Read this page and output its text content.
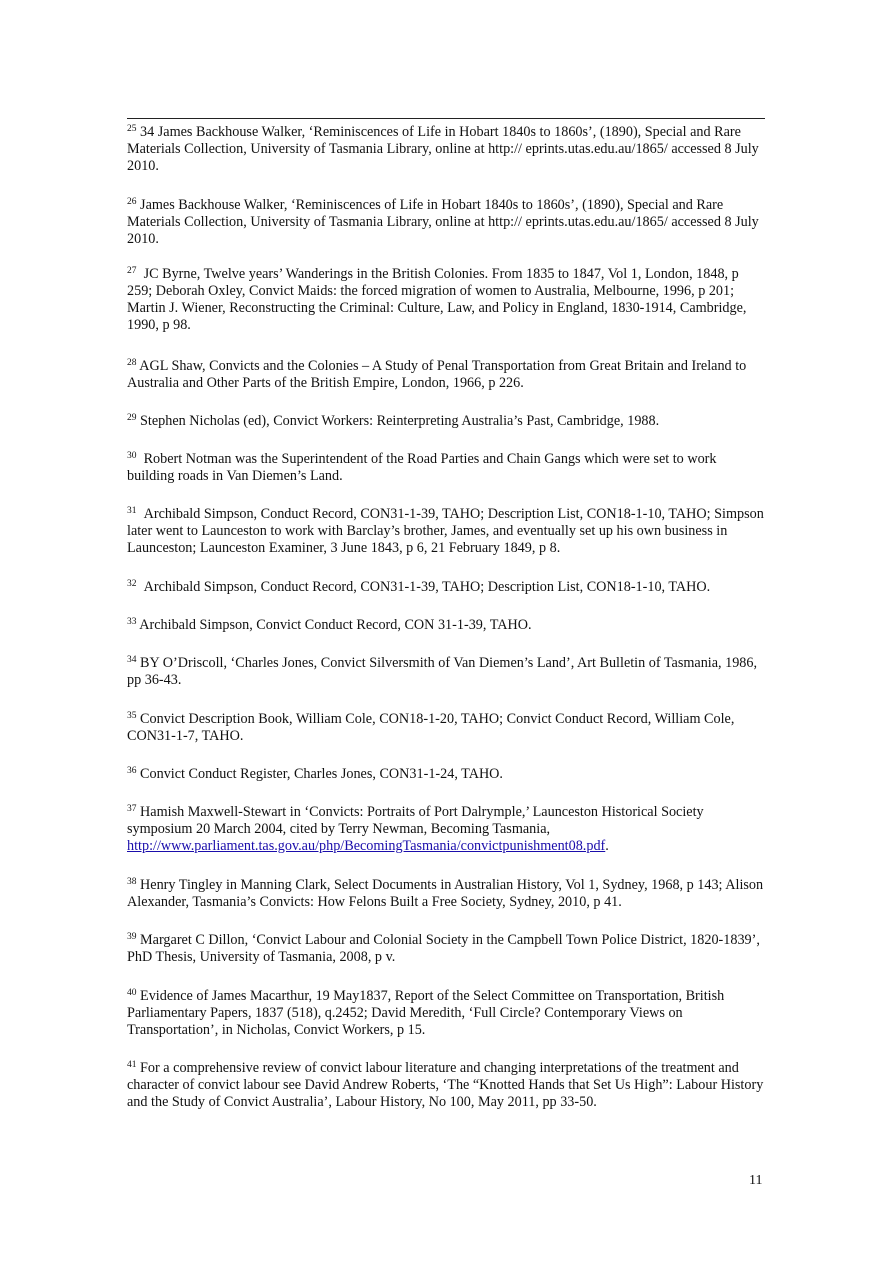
$^{25}$ 34 James Backhouse Walker, ‘Reminiscences of Life in Hobart 1840s to 1860s’, (1890), Special and Rare Materials Collection, University of Tasmania Library, online at http:// eprints.utas.edu.au/1865/ accessed 8 July 2010.

$^{26}$ James Backhouse Walker, ‘Reminiscences of Life in Hobart 1840s to 1860s’, (1890), Special and Rare Materials Collection, University of Tasmania Library, online at http:// eprints.utas.edu.au/1865/ accessed 8 July 2010.

$^{27}$ JC Byrne, Twelve years’ Wanderings in the British Colonies. From 1835 to 1847, Vol 1, London, 1848, p 259; Deborah Oxley, Convict Maids: the forced migration of women to Australia, Melbourne, 1996, p 201; Martin J. Wiener, Reconstructing the Criminal: Culture, Law, and Policy in England, 1830-1914, Cambridge, 1990, p 98.

$^{28}$ AGL Shaw, Convicts and the Colonies – A Study of Penal Transportation from Great Britain and Ireland to Australia and Other Parts of the British Empire, London, 1966, p 226.

$^{29}$ Stephen Nicholas (ed), Convict Workers: Reinterpreting Australia’s Past, Cambridge, 1988.

$^{30}$ Robert Notman was the Superintendent of the Road Parties and Chain Gangs which were set to work building roads in Van Diemen’s Land.

$^{31}$ Archibald Simpson, Conduct Record, CON31-1-39, TAHO; Description List, CON18-1-10, TAHO; Simpson later went to Launceston to work with Barclay’s brother, James, and eventually set up his own business in Launceston; Launceston Examiner, 3 June 1843, p 6, 21 February 1849, p 8.

$^{32}$ Archibald Simpson, Conduct Record, CON31-1-39, TAHO; Description List, CON18-1-10, TAHO.

$^{33}$ Archibald Simpson, Convict Conduct Record, CON 31-1-39, TAHO.

$^{34}$ BY O’Driscoll, ‘Charles Jones, Convict Silversmith of Van Diemen’s Land’, Art Bulletin of Tasmania, 1986, pp 36-43.

$^{35}$ Convict Description Book, William Cole, CON18-1-20, TAHO; Convict Conduct Record, William Cole, CON31-1-7, TAHO.

$^{36}$ Convict Conduct Register, Charles Jones, CON31-1-24, TAHO.

$^{37}$ Hamish Maxwell-Stewart in ‘Convicts: Portraits of Port Dalrymple,’ Launceston Historical Society symposium 20 March 2004, cited by Terry Newman, Becoming Tasmania, http://www.parliament.tas.gov.au/php/BecomingTasmania/convictpunishment08.pdf.

$^{38}$ Henry Tingley in Manning Clark, Select Documents in Australian History, Vol 1, Sydney, 1968, p 143; Alison Alexander, Tasmania’s Convicts: How Felons Built a Free Society, Sydney, 2010, p 41.

$^{39}$ Margaret C Dillon, ‘Convict Labour and Colonial Society in the Campbell Town Police District, 1820-1839’, PhD Thesis, University of Tasmania, 2008, p v.

$^{40}$ Evidence of James Macarthur, 19 May1837, Report of the Select Committee on Transportation, British Parliamentary Papers, 1837 (518), q.2452; David Meredith, ‘Full Circle? Contemporary Views on Transportation’, in Nicholas, Convict Workers, p 15.

$^{41}$ For a comprehensive review of convict labour literature and changing interpretations of the treatment and character of convict labour see David Andrew Roberts, ‘The “Knotted Hands that Set Us High”: Labour History and the Study of Convict Australia’, Labour History, No 100, May 2011, pp 33-50.

11
